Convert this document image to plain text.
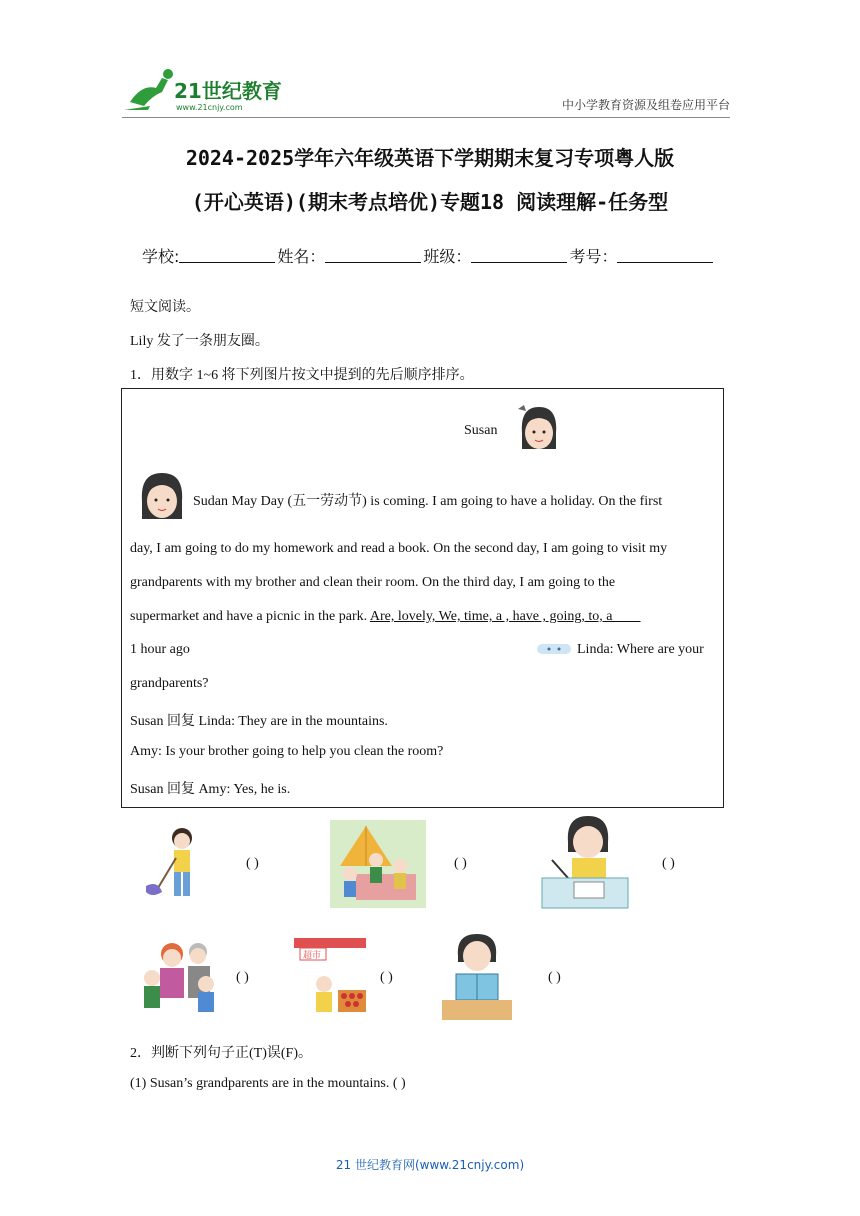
21世纪教育
www.21cnjy.com	中小学教育资源及组卷应用平台
2024-2025学年六年级英语下学期期末复习专项粤人版
(开心英语)(期末考点培优)专题18 阅读理解-任务型
学校:	姓名：	班级：	考号：
短文阅读。
Lily 发了一条朋友圈。
1．用数字 1~6 将下列图片按文中提到的先后顺序排序。
Susan
Sudan May Day (五一劳动节) is coming. I am going to have a holiday. On the first
day, I am going to do my homework and read a book. On the second day, I am going to visit my
grandparents with my brother and clean their room. On the third day, I am going to the
supermarket and have a picnic in the park. Are, lovely, We, time, a , have , going, to, a  
1 hour ago	Linda: Where are your
grandparents?
Susan 回复 Linda: They are in the mountains.
Amy: Is your brother going to help you clean the room?
Susan 回复 Amy: Yes, he is.
( )	( )	( )
( )
超市
( )	( )
2．判断下列句子正(T)误(F)。
(1) Susan’s grandparents are in the mountains. ( )
21 世纪教育网(www.21cnjy.com)
